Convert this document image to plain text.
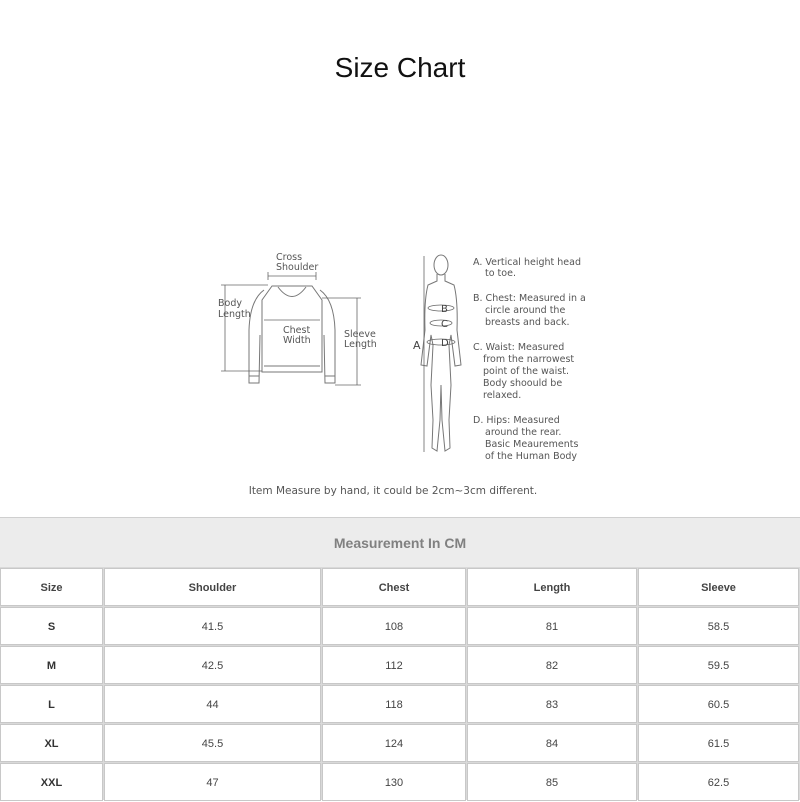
Size Chart
Cross
Shoulder
Body
Length
Chest
Width
Sleeve
Length	A
B
C
D
A. Vertical height head
to toe.
B. Chest: Measured in a
circle around the
breasts and back.
C. Waist: Measured
from the narrowest
point of the waist.
Body shoould be
relaxed.
D. Hips: Measured
around the rear.
Basic Meaurements
of the Human Body
Item Measure by hand, it could be 2cm~3cm different.
Measurement In CM
Size	Shoulder	Chest	Length	Sleeve
S	41.5	108	81	58.5
M	42.5	112	82	59.5
L	44	118	83	60.5
XL	45.5	124	84	61.5
XXL	47	130	85	62.5
